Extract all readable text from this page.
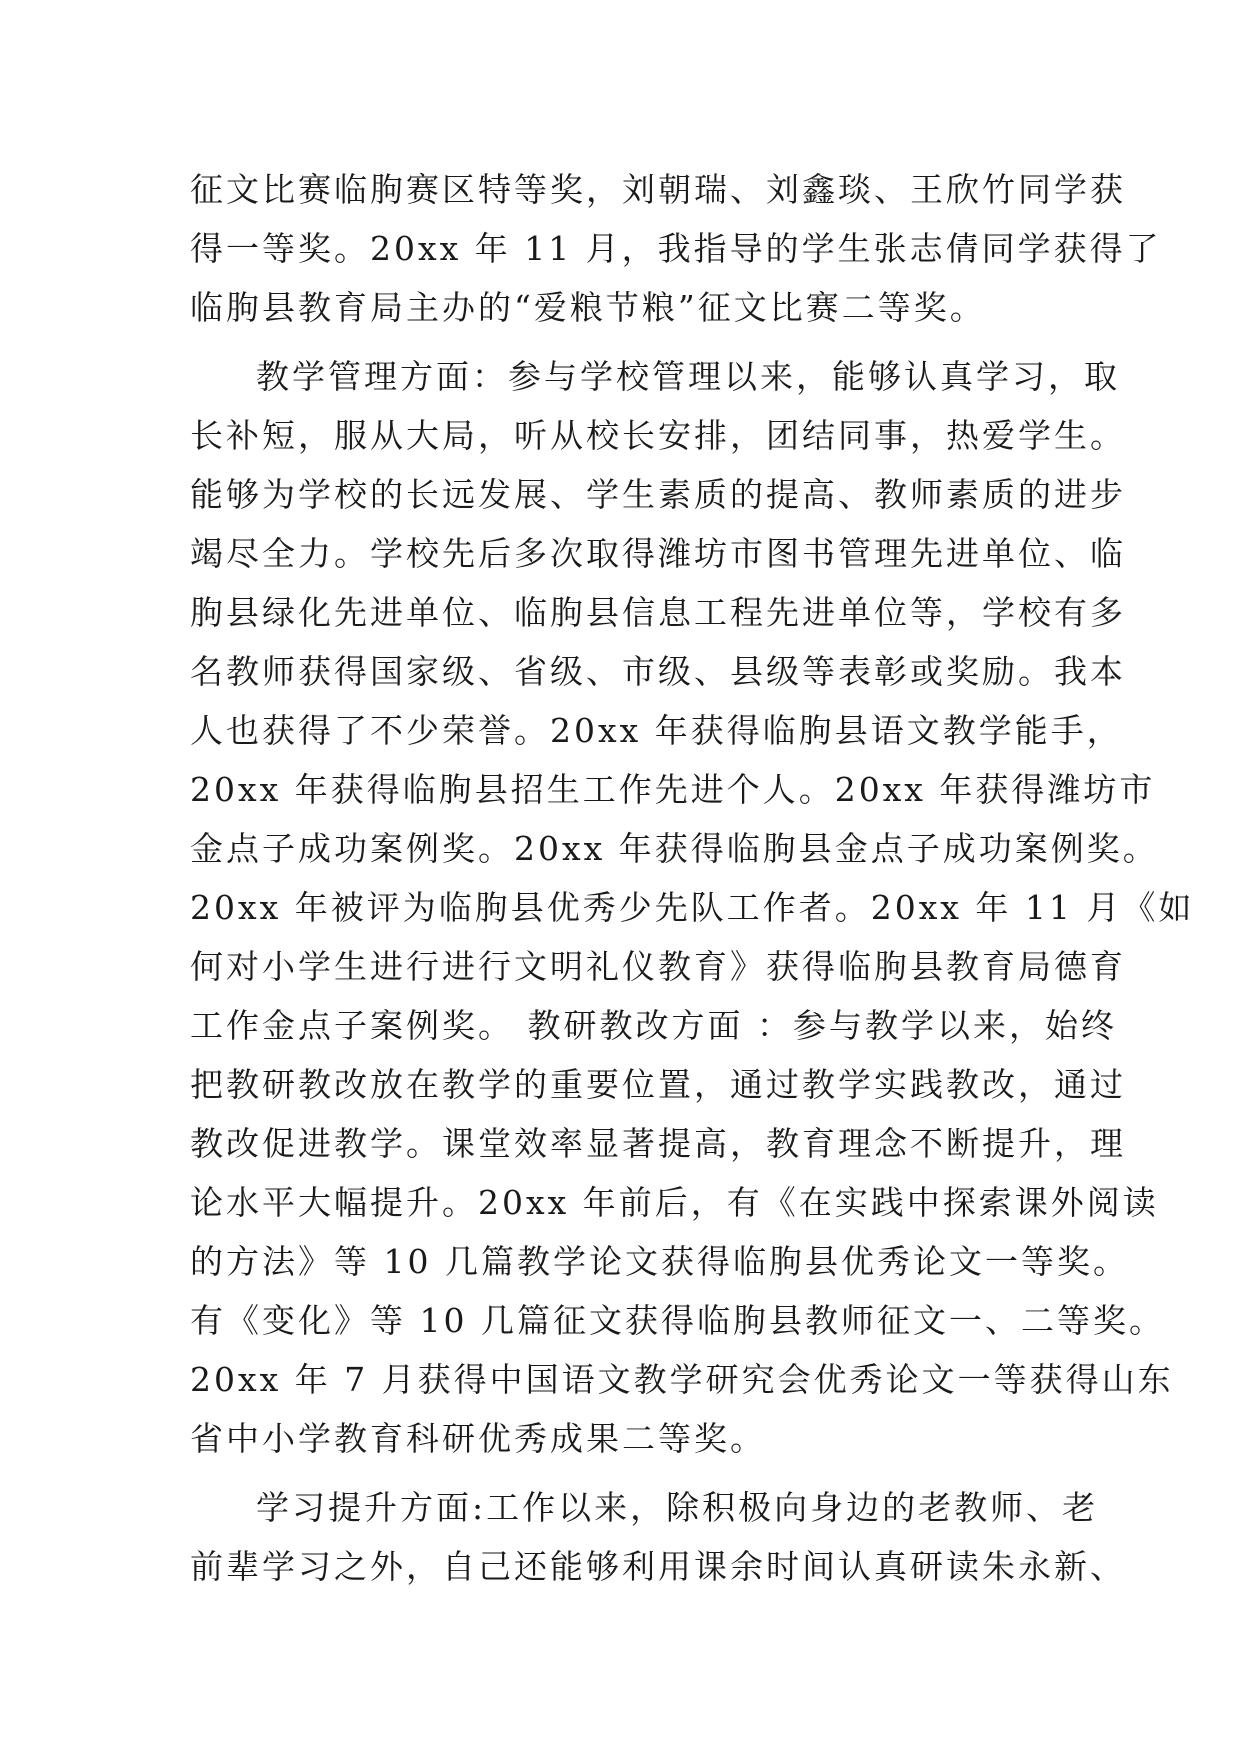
征文比赛临朐赛区特等奖，刘朝瑞、刘鑫琰、王欣竹同学获
得一等奖。20xx 年 11 月，我指导的学生张志倩同学获得了
临朐县教育局主办的“爱粮节粮”征文比赛二等奖。
教学管理方面：参与学校管理以来，能够认真学习，取
长补短，服从大局，听从校长安排，团结同事，热爱学生。
能够为学校的长远发展、学生素质的提高、教师素质的进步
竭尽全力。学校先后多次取得潍坊市图书管理先进单位、临
朐县绿化先进单位、临朐县信息工程先进单位等，学校有多
名教师获得国家级、省级、市级、县级等表彰或奖励。我本
人也获得了不少荣誉。20xx 年获得临朐县语文教学能手，
20xx 年获得临朐县招生工作先进个人。20xx 年获得潍坊市
金点子成功案例奖。20xx 年获得临朐县金点子成功案例奖。
20xx 年被评为临朐县优秀少先队工作者。20xx 年 11 月《如
何对小学生进行进行文明礼仪教育》获得临朐县教育局德育
工作金点子案例奖。 教研教改方面 ：参与教学以来，始终
把教研教改放在教学的重要位置，通过教学实践教改，通过
教改促进教学。课堂效率显著提高，教育理念不断提升，理
论水平大幅提升。20xx 年前后，有《在实践中探索课外阅读
的方法》等 10 几篇教学论文获得临朐县优秀论文一等奖。
有《变化》等 10 几篇征文获得临朐县教师征文一、二等奖。
20xx 年 7 月获得中国语文教学研究会优秀论文一等获得山东
省中小学教育科研优秀成果二等奖。
学习提升方面:工作以来，除积极向身边的老教师、老
前辈学习之外，自己还能够利用课余时间认真研读朱永新、
